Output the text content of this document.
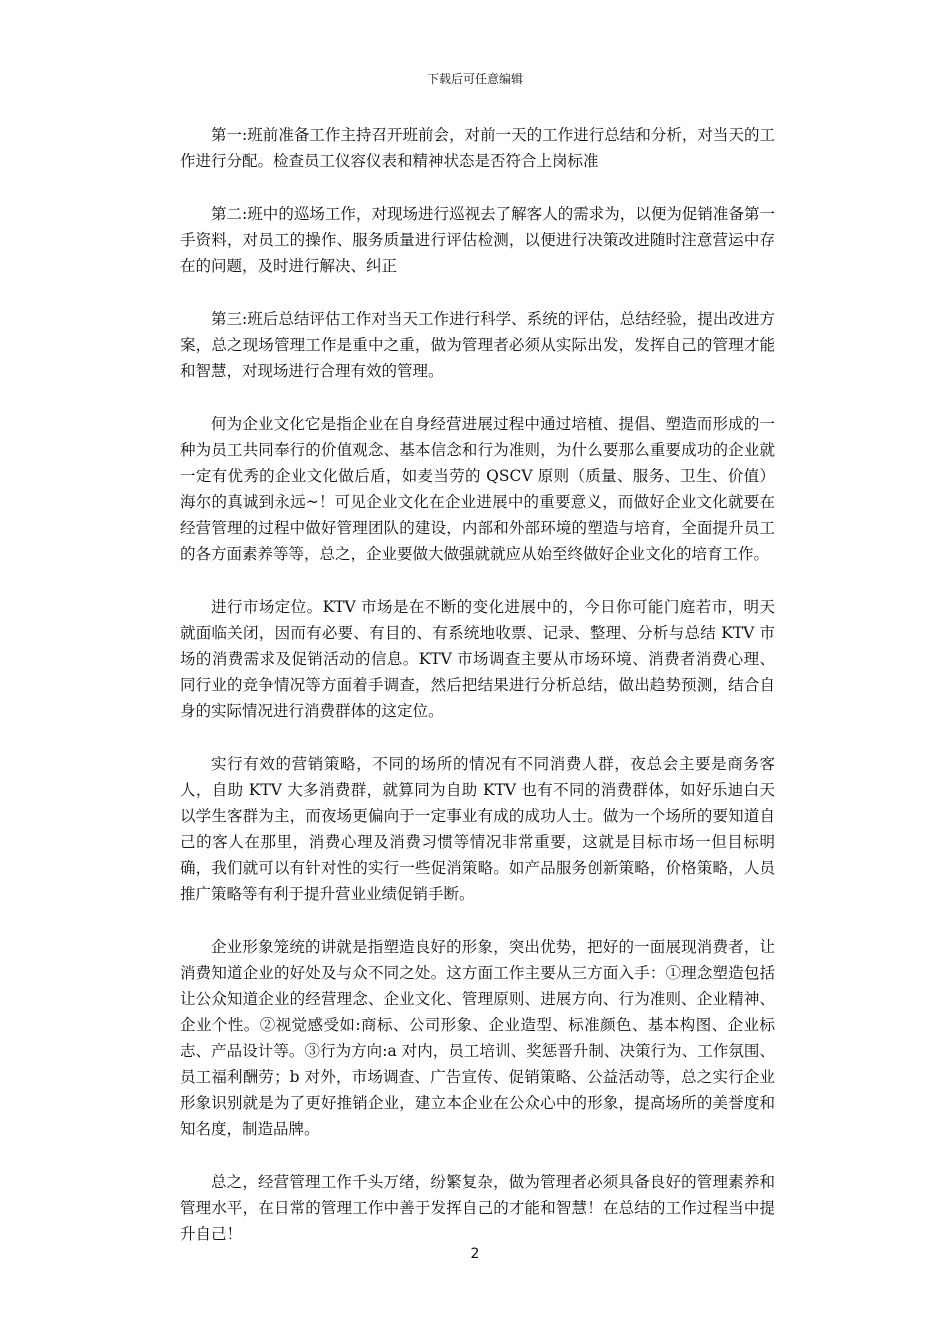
下载后可任意编辑

第一:班前准备工作主持召开班前会，对前一天的工作进行总结和分析，对当天的工作进行分配。检查员工仪容仪表和精神状态是否符合上岗标准

第二:班中的巡场工作，对现场进行巡视去了解客人的需求为，以便为促销准备第一手资料，对员工的操作、服务质量进行评估检测，以便进行决策改进随时注意营运中存在的问题，及时进行解决、纠正

第三:班后总结评估工作对当天工作进行科学、系统的评估，总结经验，提出改进方案，总之现场管理工作是重中之重，做为管理者必须从实际出发，发挥自己的管理才能和智慧，对现场进行合理有效的管理。

何为企业文化它是指企业在自身经营进展过程中通过培植、提倡、塑造而形成的一种为员工共同奉行的价值观念、基本信念和行为准则，为什么要那么重要成功的企业就一定有优秀的企业文化做后盾，如麦当劳的 QSCV 原则（质量、服务、卫生、价值）海尔的真诚到永远~！可见企业文化在企业进展中的重要意义，而做好企业文化就要在经营管理的过程中做好管理团队的建设，内部和外部环境的塑造与培育，全面提升员工的各方面素养等等，总之，企业要做大做强就就应从始至终做好企业文化的培育工作。

进行市场定位。KTV 市场是在不断的变化进展中的，今日你可能门庭若市，明天就面临关闭，因而有必要、有目的、有系统地收票、记录、整理、分析与总结 KTV 市场的消费需求及促销活动的信息。KTV 市场调查主要从市场环境、消费者消费心理、同行业的竞争情况等方面着手调查，然后把结果进行分析总结，做出趋势预测，结合自身的实际情况进行消费群体的这定位。

实行有效的营销策略，不同的场所的情况有不同消费人群，夜总会主要是商务客人，自助 KTV 大多消费群，就算同为自助 KTV 也有不同的消费群体，如好乐迪白天以学生客群为主，而夜场更偏向于一定事业有成的成功人士。做为一个场所的要知道自己的客人在那里，消费心理及消费习惯等情况非常重要，这就是目标市场一但目标明确，我们就可以有针对性的实行一些促消策略。如产品服务创新策略，价格策略，人员推广策略等有利于提升营业业绩促销手断。

企业形象笼统的讲就是指塑造良好的形象，突出优势，把好的一面展现消费者，让消费知道企业的好处及与众不同之处。这方面工作主要从三方面入手：①理念塑造包括让公众知道企业的经营理念、企业文化、管理原则、进展方向、行为准则、企业精神、企业个性。②视觉感受如:商标、公司形象、企业造型、标准颜色、基本构图、企业标志、产品设计等。③行为方向:a 对内，员工培训、奖惩晋升制、决策行为、工作氛围、员工福利酬劳；b 对外，市场调查、广告宣传、促销策略、公益活动等，总之实行企业形象识别就是为了更好推销企业，建立本企业在公众心中的形象，提高场所的美誉度和知名度，制造品牌。

总之，经营管理工作千头万绪，纷繁复杂，做为管理者必须具备良好的管理素养和管理水平，在日常的管理工作中善于发挥自己的才能和智慧！在总结的工作过程当中提升自己！

2
